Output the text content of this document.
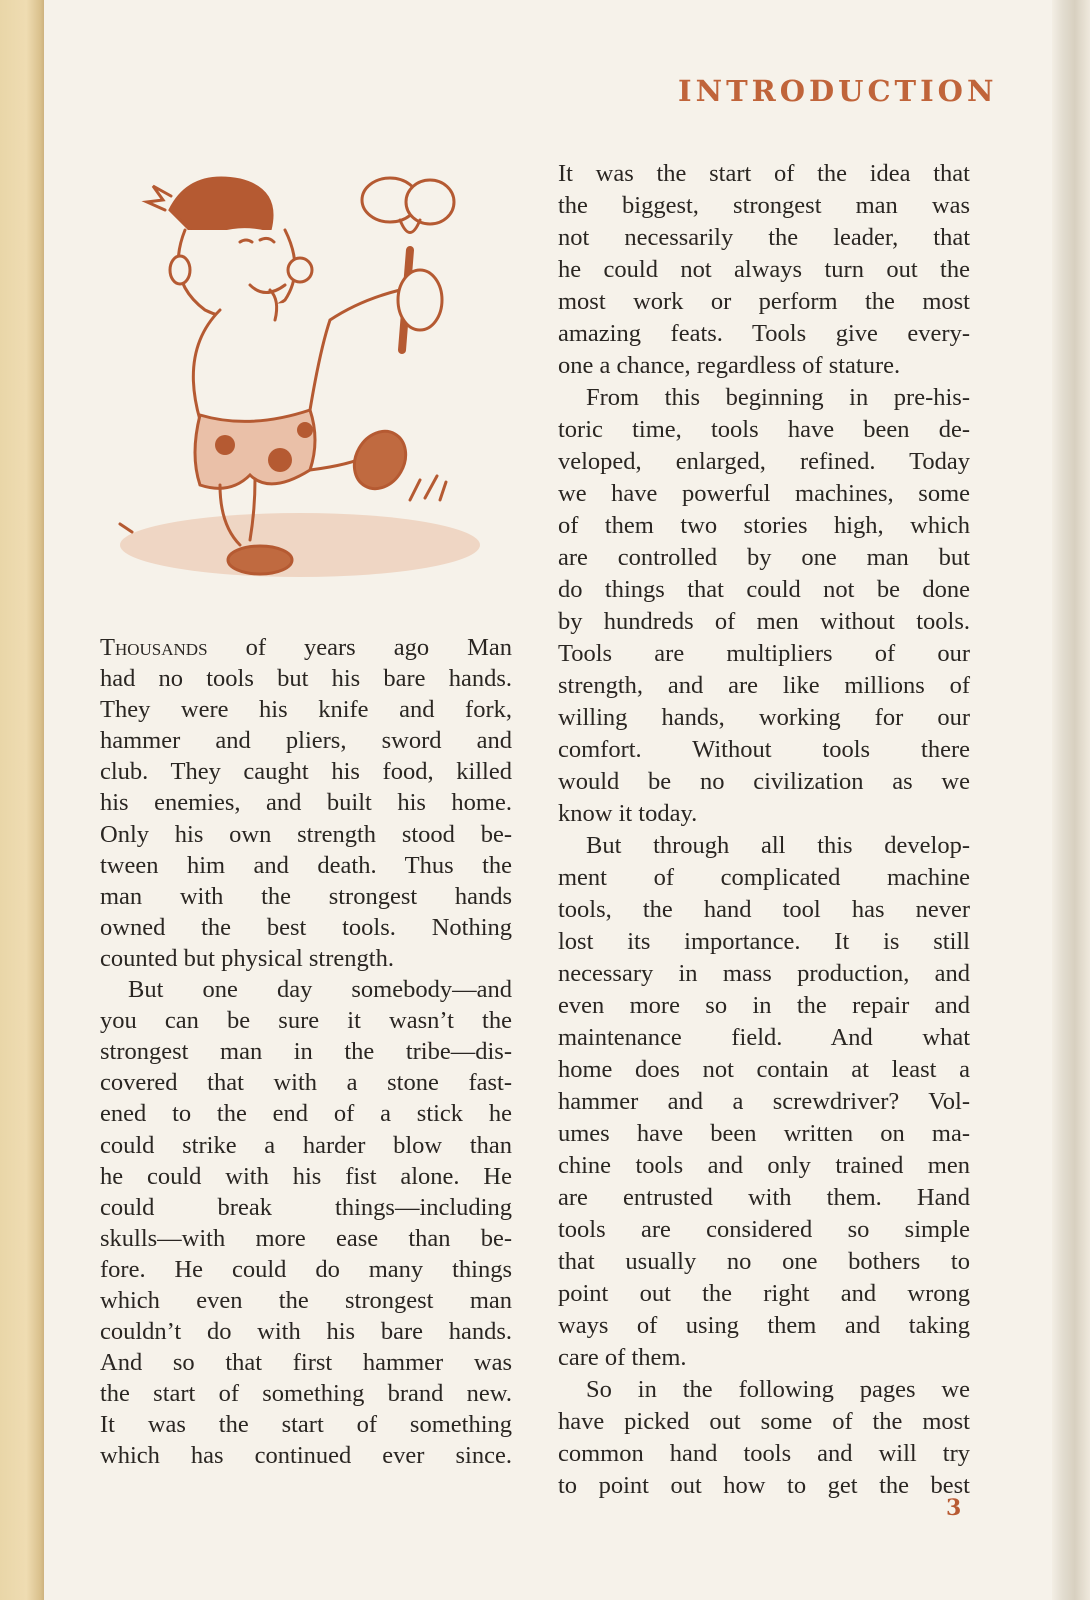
INTRODUCTION
Thousands of years ago Man
had no tools but his bare hands.
They were his knife and fork,
hammer and pliers, sword and
club. They caught his food, killed
his enemies, and built his home.
Only his own strength stood be-
tween him and death. Thus the
man with the strongest hands
owned the best tools. Nothing
counted but physical strength.
But one day somebody—and
you can be sure it wasn’t the
strongest man in the tribe—dis-
covered that with a stone fast-
ened to the end of a stick he
could strike a harder blow than
he could with his fist alone. He
could break things—including
skulls—with more ease than be-
fore. He could do many things
which even the strongest man
couldn’t do with his bare hands.
And so that first hammer was
the start of something brand new.
It was the start of something
which has continued ever since.
It was the start of the idea that
the biggest, strongest man was
not necessarily the leader, that
he could not always turn out the
most work or perform the most
amazing feats. Tools give every-
one a chance, regardless of stature.
From this beginning in pre-his-
toric time, tools have been de-
veloped, enlarged, refined. Today
we have powerful machines, some
of them two stories high, which
are controlled by one man but
do things that could not be done
by hundreds of men without tools.
Tools are multipliers of our
strength, and are like millions of
willing hands, working for our
comfort. Without tools there
would be no civilization as we
know it today.
But through all this develop-
ment of complicated machine
tools, the hand tool has never
lost its importance. It is still
necessary in mass production, and
even more so in the repair and
maintenance field. And what
home does not contain at least a
hammer and a screwdriver? Vol-
umes have been written on ma-
chine tools and only trained men
are entrusted with them. Hand
tools are considered so simple
that usually no one bothers to
point out the right and wrong
ways of using them and taking
care of them.
So in the following pages we
have picked out some of the most
common hand tools and will try
to point out how to get the best
3
